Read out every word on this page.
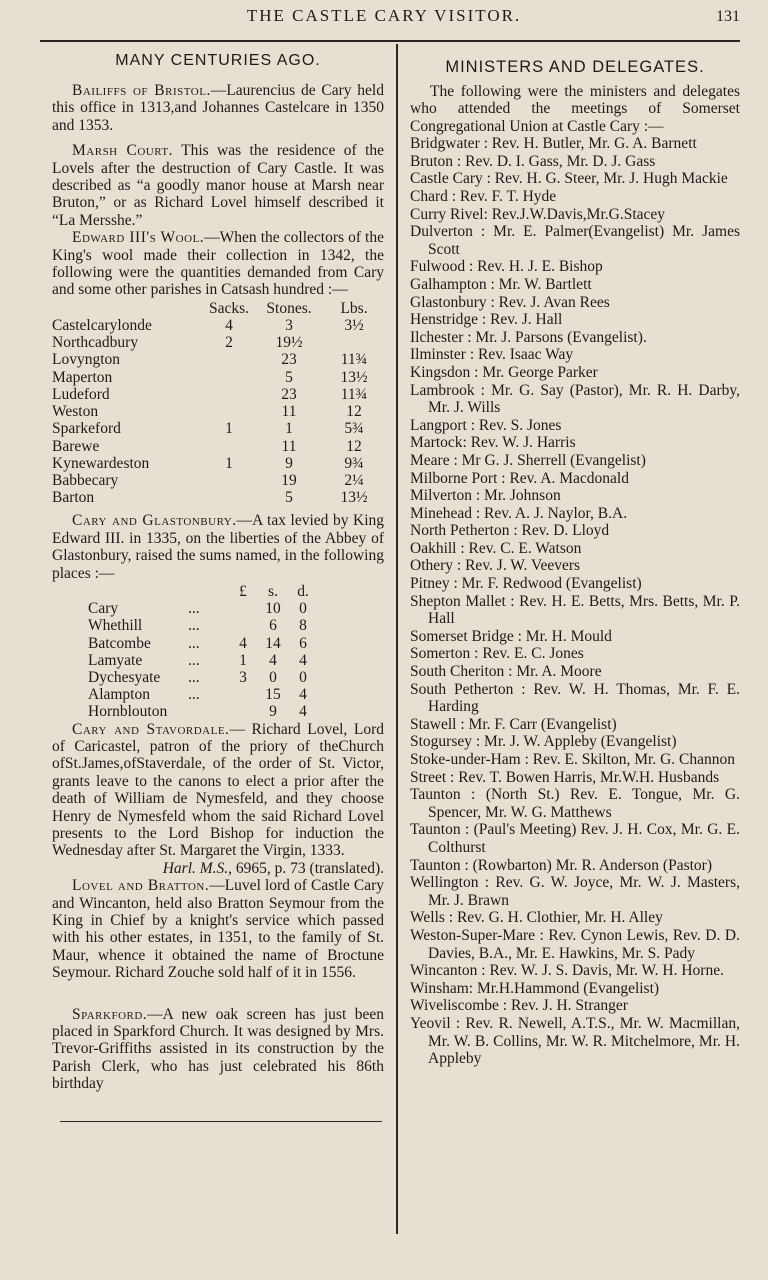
THE CASTLE CARY VISITOR.	131
MANY CENTURIES AGO.

Bailiffs of Bristol.—Laurencius de Cary held this office in 1313,and Johannes Castelcare in 1350 and 1353.

Marsh Court. This was the residence of the Lovels after the destruction of Cary Castle. It was described as “a goodly manor house at Marsh near Bruton,” or as Richard Lovel himself described it “La Mersshe.”

Edward III's Wool.—When the collectors of the King's wool made their collection in 1342, the following were the quantities demanded from Cary and some other parishes in Catsash hundred :—

	Sacks.	Stones.	Lbs.
Castelcarylonde	4	3	3½
Northcadbury	2	19½	
Lovyngton		23	11¾
Maperton		5	13½
Ludeford		23	11¾
Weston		11	12
Sparkeford	1	1	5¾
Barewe		11	12
Kynewardeston	1	9	9¾
Babbecary		19	2¼
Barton		5	13½

Cary and Glastonbury.—A tax levied by King Edward III. in 1335, on the liberties of the Abbey of Glastonbury, raised the sums named, in the following places :—

		£	s.	d.
Cary	...		10	0
Whethill	...		6	8
Batcombe	...	4	14	6
Lamyate	...	1	4	4
Dychesyate	...	3	0	0
Alampton	...		15	4
Hornblouton			9	4

Cary and Stavordale.— Richard Lovel, Lord of Caricastel, patron of the priory of theChurch ofSt.James,ofStaverdale, of the order of St. Victor, grants leave to the canons to elect a prior after the death of William de Nymesfeld, and they choose Henry de Nymesfeld whom the said Richard Lovel presents to the Lord Bishop for induction the Wednesday after St. Margaret the Virgin, 1333.

Harl. M.S., 6965, p. 73 (translated).

Lovel and Bratton.—Luvel lord of Castle Cary and Wincanton, held also Bratton Seymour from the King in Chief by a knight's service which passed with his other estates, in 1351, to the family of St. Maur, whence it obtained the name of Broctune Seymour. Richard Zouche sold half of it in 1556.

Sparkford.—A new oak screen has just been placed in Sparkford Church. It was designed by Mrs. Trevor-Griffiths assisted in its construction by the Parish Clerk, who has just celebrated his 86th birthday

MINISTERS AND DELEGATES.

The following were the ministers and delegates who attended the meetings of Somerset Congregational Union at Castle Cary :—

Bridgwater : Rev. H. Butler, Mr. G. A. Barnett
Bruton : Rev. D. I. Gass, Mr. D. J. Gass
Castle Cary : Rev. H. G. Steer, Mr. J. Hugh Mackie
Chard : Rev. F. T. Hyde
Curry Rivel: Rev.J.W.Davis,Mr.G.Stacey
Dulverton : Mr. E. Palmer(Evangelist) Mr. James Scott
Fulwood : Rev. H. J. E. Bishop
Galhampton : Mr. W. Bartlett
Glastonbury : Rev. J. Avan Rees
Henstridge : Rev. J. Hall
Ilchester : Mr. J. Parsons (Evangelist).
Ilminster : Rev. Isaac Way
Kingsdon : Mr. George Parker
Lambrook : Mr. G. Say (Pastor), Mr. R. H. Darby, Mr. J. Wills
Langport : Rev. S. Jones
Martock: Rev. W. J. Harris
Meare : Mr G. J. Sherrell (Evangelist)
Milborne Port : Rev. A. Macdonald
Milverton : Mr. Johnson
Minehead : Rev. A. J. Naylor, B.A.
North Petherton : Rev. D. Lloyd
Oakhill : Rev. C. E. Watson
Othery : Rev. J. W. Veevers
Pitney : Mr. F. Redwood (Evangelist)
Shepton Mallet : Rev. H. E. Betts, Mrs. Betts, Mr. P. Hall
Somerset Bridge : Mr. H. Mould
Somerton : Rev. E. C. Jones
South Cheriton : Mr. A. Moore
South Petherton : Rev. W. H. Thomas, Mr. F. E. Harding
Stawell : Mr. F. Carr (Evangelist)
Stogursey : Mr. J. W. Appleby (Evangelist)
Stoke-under-Ham : Rev. E. Skilton, Mr. G. Channon
Street : Rev. T. Bowen Harris, Mr.W.H. Husbands
Taunton : (North St.) Rev. E. Tongue, Mr. G. Spencer, Mr. W. G. Matthews
Taunton : (Paul's Meeting) Rev. J. H. Cox, Mr. G. E. Colthurst
Taunton : (Rowbarton) Mr. R. Anderson (Pastor)
Wellington : Rev. G. W. Joyce, Mr. W. J. Masters, Mr. J. Brawn
Wells : Rev. G. H. Clothier, Mr. H. Alley
Weston-Super-Mare : Rev. Cynon Lewis, Rev. D. D. Davies, B.A., Mr. E. Hawkins, Mr. S. Pady
Wincanton : Rev. W. J. S. Davis, Mr. W. H. Horne.
Winsham: Mr.H.Hammond (Evangelist)
Wiveliscombe : Rev. J. H. Stranger
Yeovil : Rev. R. Newell, A.T.S., Mr. W. Macmillan, Mr. W. B. Collins, Mr. W. R. Mitchelmore, Mr. H. Appleby
